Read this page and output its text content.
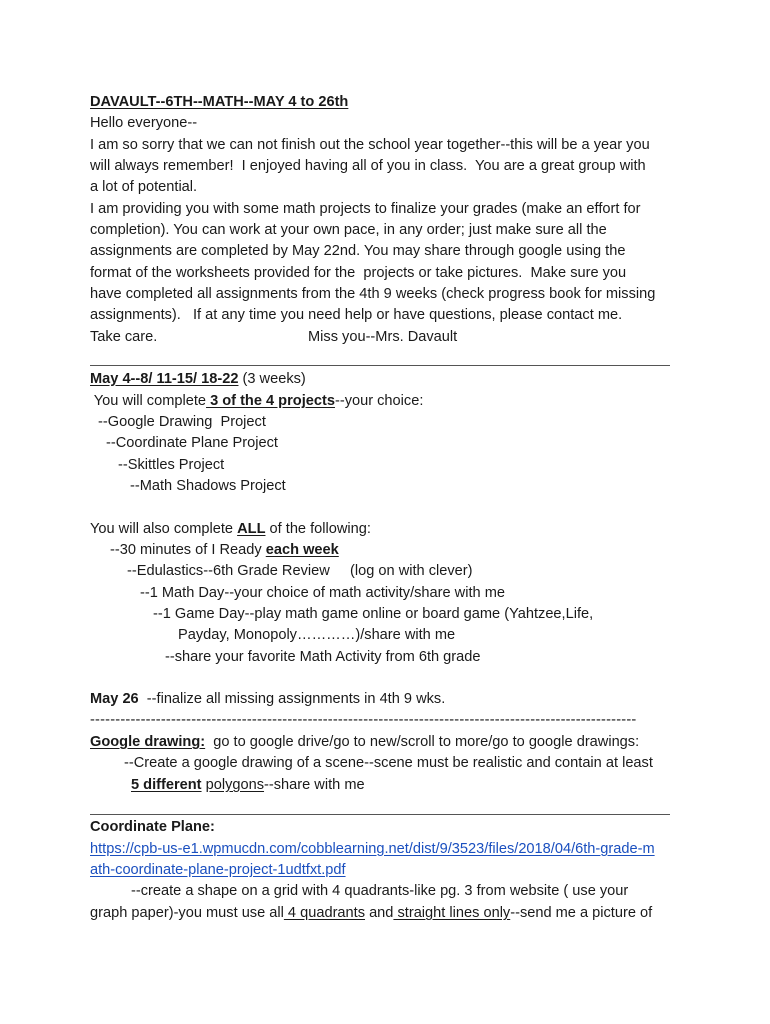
DAVAULT--6TH--MATH--MAY 4 to 26th

Hello everyone--

I am so sorry that we can not finish out the school year together--this will be a year you

will always remember!  I enjoyed having all of you in class.  You are a great group with

a lot of potential.

I am providing you with some math projects to finalize your grades (make an effort for

completion). You can work at your own pace, in any order; just make sure all the

assignments are completed by May 22nd. You may share through google using the

format of the worksheets provided for the  projects or take pictures.  Make sure you

have completed all assignments from the 4th 9 weeks (check progress book for missing

assignments).   If at any time you need help or have questions, please contact me.

Take care.	Miss you--Mrs. Davault

May 4--8/ 11-15/ 18-22 (3 weeks)

You will complete 3 of the 4 projects--your choice:

--Google Drawing  Project

--Coordinate Plane Project

--Skittles Project

--Math Shadows Project

You will also complete ALL of the following:

--30 minutes of I Ready each week

--Edulastics--6th Grade Review     (log on with clever)

--1 Math Day--your choice of math activity/share with me

--1 Game Day--play math game online or board game (Yahtzee,Life,

Payday, Monopoly…………)/share with me

--share your favorite Math Activity from 6th grade

May 26  --finalize all missing assignments in 4th 9 wks.

------------------------------------------------------------------------------------------------------------

Google drawing:  go to google drive/go to new/scroll to more/go to google drawings:

--Create a google drawing of a scene--scene must be realistic and contain at least

5 different polygons--share with me

Coordinate Plane:

https://cpb-us-e1.wpmucdn.com/cobblearning.net/dist/9/3523/files/2018/04/6th-grade-m

ath-coordinate-plane-project-1udtfxt.pdf

--create a shape on a grid with 4 quadrants-like pg. 3 from website ( use your

graph paper)-you must use all 4 quadrants and straight lines only--send me a picture of
